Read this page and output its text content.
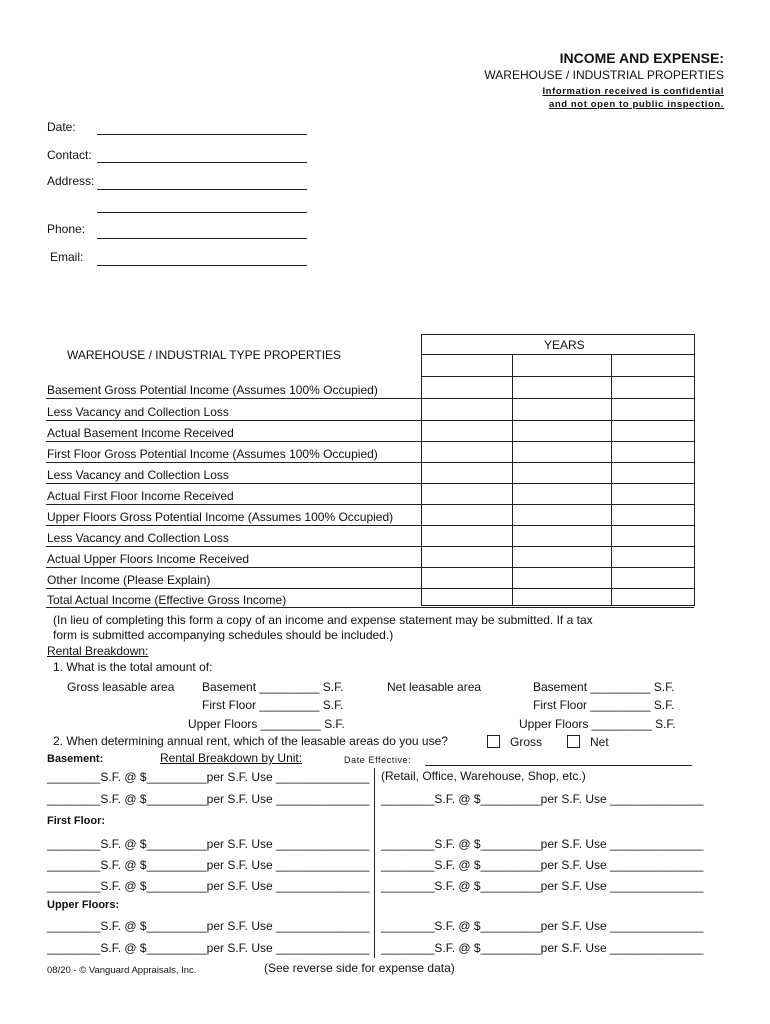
INCOME AND EXPENSE:
WAREHOUSE / INDUSTRIAL PROPERTIES
Information received is confidential
and not open to public inspection.
Date:
Contact:
Address:
Phone:
Email:
WAREHOUSE / INDUSTRIAL TYPE PROPERTIES
YEARS
Basement Gross Potential Income (Assumes 100% Occupied)
Less Vacancy and Collection Loss
Actual Basement Income Received
First Floor Gross Potential Income (Assumes 100% Occupied)
Less Vacancy and Collection Loss
Actual First Floor Income Received
Upper Floors Gross Potential Income (Assumes 100% Occupied)
Less Vacancy and Collection Loss
Actual Upper Floors Income Received
Other Income (Please Explain)
Total Actual Income (Effective Gross Income)
(In lieu of completing this form a copy of an income and expense statement may be submitted. If a tax
form is submitted accompanying schedules should be included.)
Rental Breakdown:
1. What is the total amount of:
Gross leasable area Basement _________ S.F.
First Floor _________ S.F.
Upper Floors _________ S.F.
Net leasable area	Basement _________ S.F.
First Floor _________ S.F.
Upper Floors _________ S.F.
2. When determining annual rent, which of the leasable areas do you use?	Gross	Net
Basement:	Rental Breakdown by Unit:	Date Effective:
________S.F. @ $_________per S.F. Use ______________ (Retail, Office, Warehouse, Shop, etc.)
________S.F. @ $_________per S.F. Use ______________ ________S.F. @ $_________per S.F. Use ______________
First Floor:
________S.F. @ $_________per S.F. Use ______________ ________S.F. @ $_________per S.F. Use ______________
________S.F. @ $_________per S.F. Use ______________ ________S.F. @ $_________per S.F. Use ______________
________S.F. @ $_________per S.F. Use ______________ ________S.F. @ $_________per S.F. Use ______________
Upper Floors:
________S.F. @ $_________per S.F. Use ______________ ________S.F. @ $_________per S.F. Use ______________
________S.F. @ $_________per S.F. Use ______________ ________S.F. @ $_________per S.F. Use ______________
08/20 - © Vanguard Appraisals, Inc.	(See reverse side for expense data)
